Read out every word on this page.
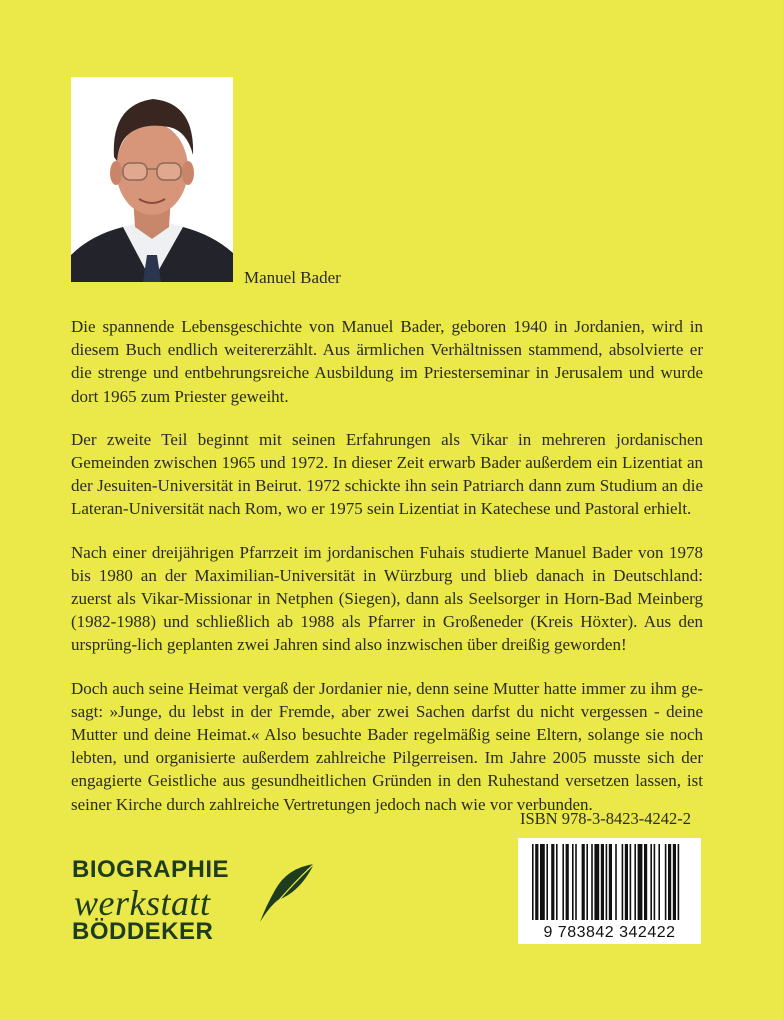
Manuel Bader

Die spannende Lebensgeschichte von Manuel Bader, geboren 1940 in Jordanien, wird in diesem Buch endlich weitererzählt. Aus ärmlichen Verhältnissen stammend, absolvierte er die strenge und entbehrungsreiche Ausbildung im Priesterseminar in Jerusalem und wurde dort 1965 zum Priester geweiht.

Der zweite Teil beginnt mit seinen Erfahrungen als Vikar in mehreren jordanischen Gemeinden zwischen 1965 und 1972. In dieser Zeit erwarb Bader außerdem ein Lizentiat an der Jesuiten-Universität in Beirut. 1972 schickte ihn sein Patriarch dann zum Studium an die Lateran-Universität nach Rom, wo er 1975 sein Lizentiat in Katechese und Pastoral erhielt.

Nach einer dreijährigen Pfarrzeit im jordanischen Fuhais studierte Manuel Bader von 1978 bis 1980 an der Maximilian-Universität in Würzburg und blieb danach in Deutschland: zuerst als Vikar-Missionar in Netphen (Siegen), dann als Seelsorger in Horn-Bad Meinberg (1982-1988) und schließlich ab 1988 als Pfarrer in Großeneder (Kreis Höxter). Aus den ursprüng-lich geplanten zwei Jahren sind also inzwischen über dreißig geworden!

Doch auch seine Heimat vergaß der Jordanier nie, denn seine Mutter hatte immer zu ihm ge-sagt: »Junge, du lebst in der Fremde, aber zwei Sachen darfst du nicht vergessen - deine Mutter und deine Heimat.« Also besuchte Bader regelmäßig seine Eltern, solange sie noch lebten, und organisierte außerdem zahlreiche Pilgerreisen. Im Jahre 2005 musste sich der engagierte Geistliche aus gesundheitlichen Gründen in den Ruhestand versetzen lassen, ist seiner Kirche durch zahlreiche Vertretungen jedoch nach wie vor verbunden.

ISBN 978-3-8423-4242-2
9 783842 342422
BIOGRAPHIE
werkstatt
BÖDDEKER
